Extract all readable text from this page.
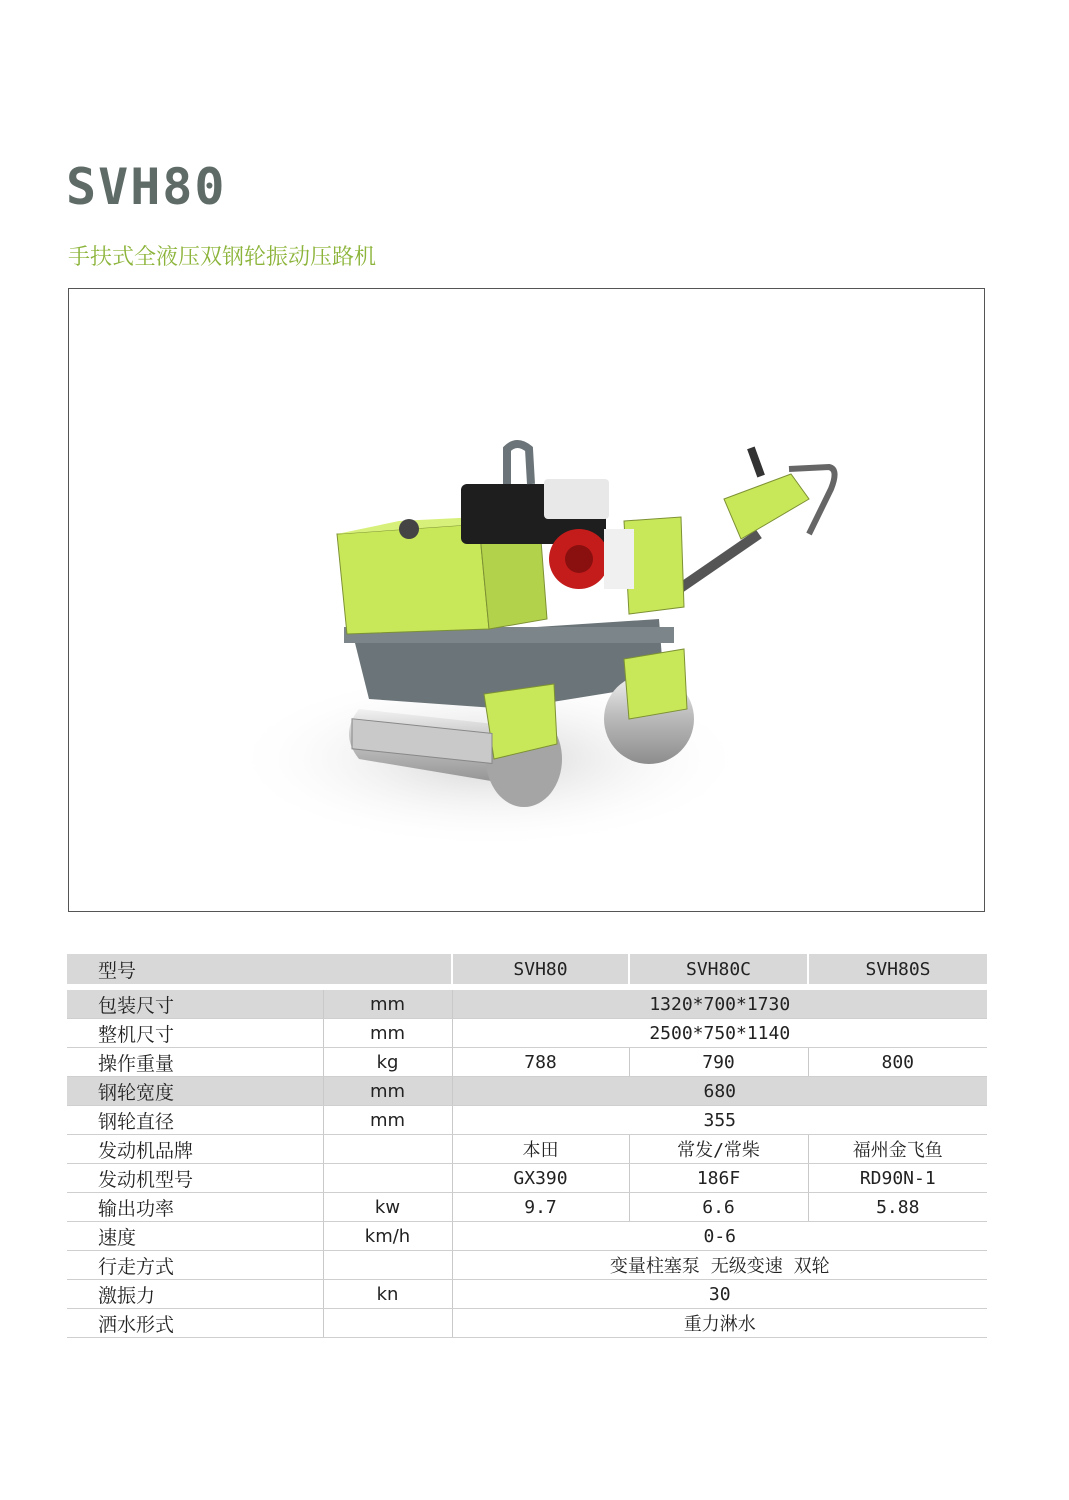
SVH80

手扶式全液压双钢轮振动压路机

型号		SVH80	SVH80C	SVH80S
包装尺寸	mm	1320*700*1730		
整机尺寸	mm	2500*750*1140		
操作重量	kg	788	790	800
钢轮宽度	mm	680		
钢轮直径	mm	355		
发动机品牌		本田	常发/常柴	福州金飞鱼
发动机型号		GX390	186F	RD90N-1
输出功率	kw	9.7	6.6	5.88
速度	km/h	0-6		
行走方式		变量柱塞泵 无级变速 双轮		
激振力	kn	30		
洒水形式		重力淋水		
